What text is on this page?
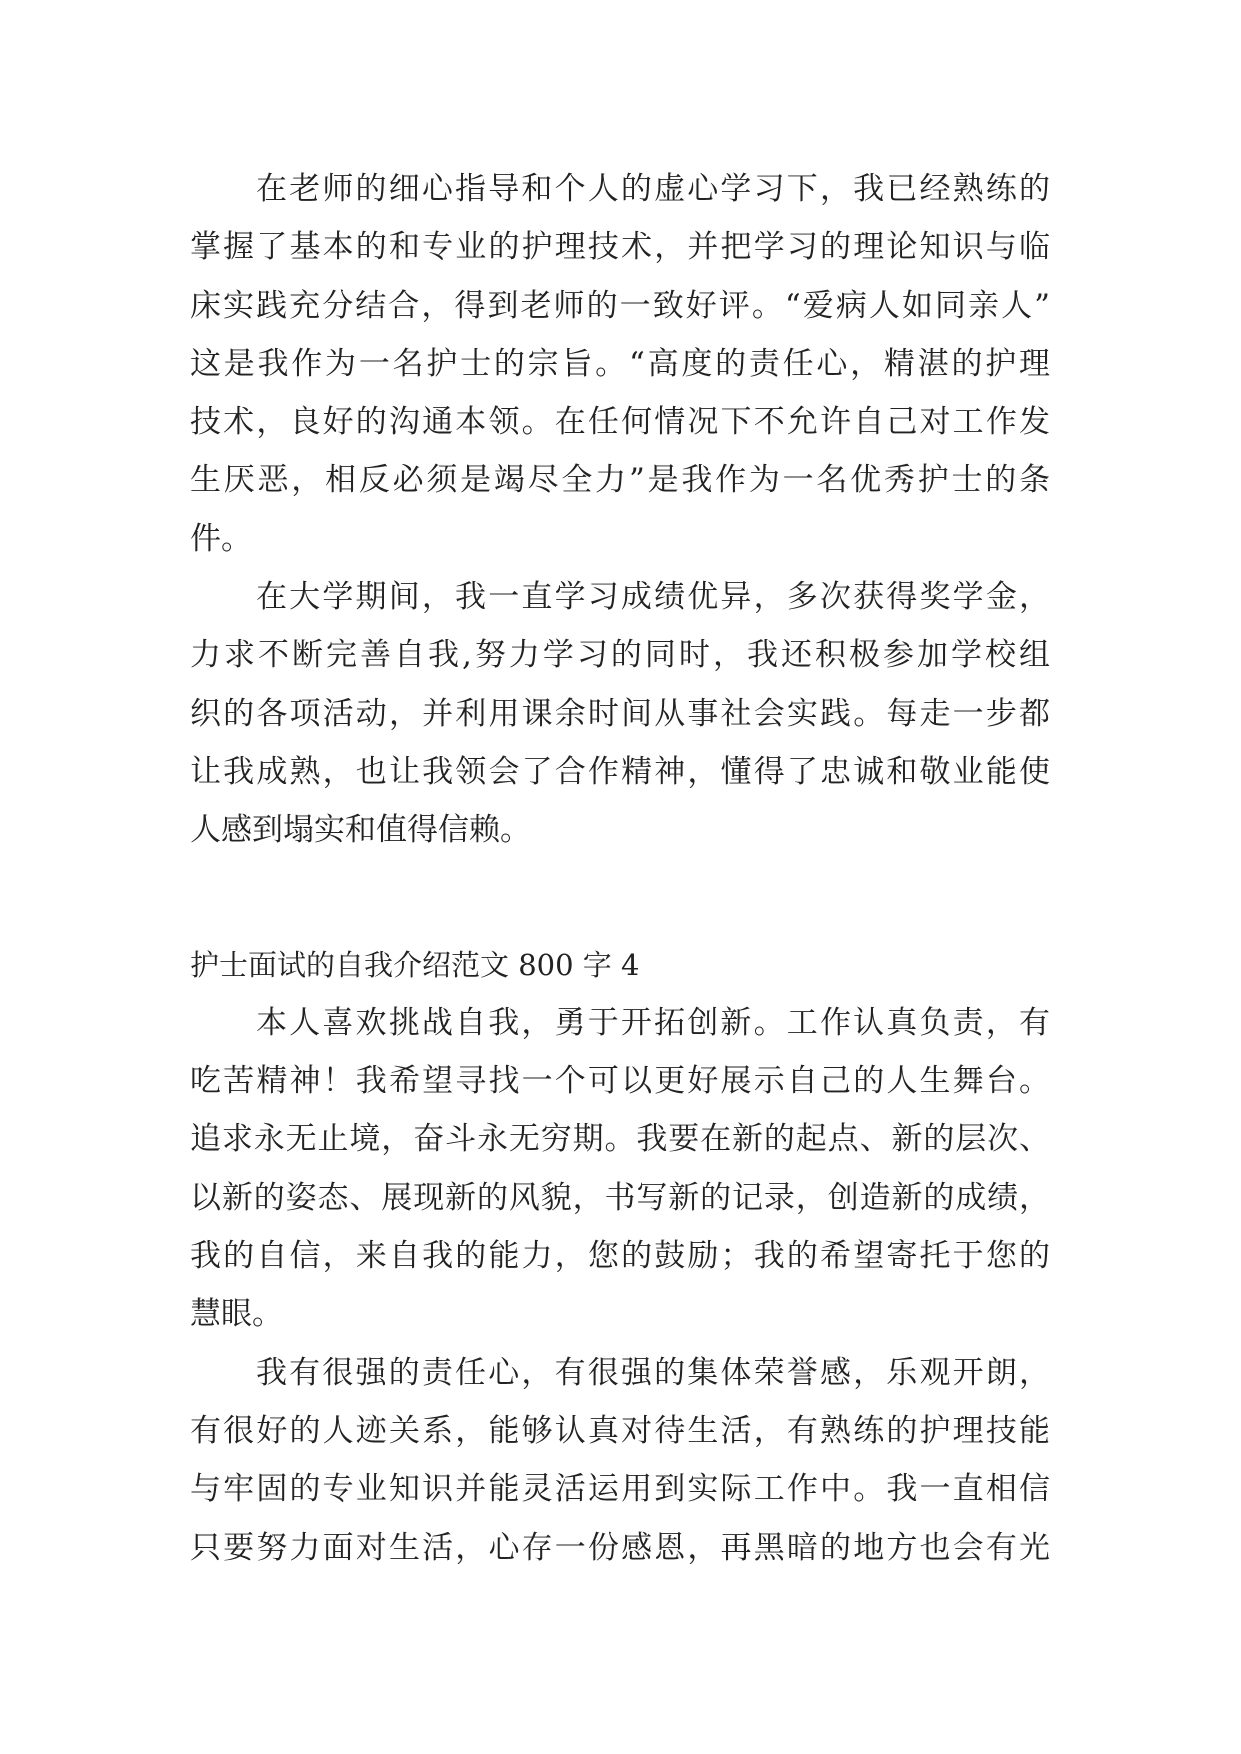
在老师的细心指导和个人的虚心学习下，我已经熟练的
掌握了基本的和专业的护理技术，并把学习的理论知识与临
床实践充分结合，得到老师的一致好评。“爱病人如同亲人”
这是我作为一名护士的宗旨。“高度的责任心，精湛的护理
技术，良好的沟通本领。在任何情况下不允许自己对工作发
生厌恶，相反必须是竭尽全力”是我作为一名优秀护士的条
件。
在大学期间，我一直学习成绩优异，多次获得奖学金，
力求不断完善自我,努力学习的同时，我还积极参加学校组
织的各项活动，并利用课余时间从事社会实践。每走一步都
让我成熟，也让我领会了合作精神，懂得了忠诚和敬业能使
人感到塌实和值得信赖。
护士面试的自我介绍范文 800 字 4
本人喜欢挑战自我，勇于开拓创新。工作认真负责，有
吃苦精神！我希望寻找一个可以更好展示自己的人生舞台。
追求永无止境，奋斗永无穷期。我要在新的起点、新的层次、
以新的姿态、展现新的风貌，书写新的记录，创造新的成绩，
我的自信，来自我的能力，您的鼓励；我的希望寄托于您的
慧眼。
我有很强的责任心，有很强的集体荣誉感，乐观开朗，
有很好的人迹关系，能够认真对待生活，有熟练的护理技能
与牢固的专业知识并能灵活运用到实际工作中。我一直相信
只要努力面对生活，心存一份感恩，再黑暗的地方也会有光
